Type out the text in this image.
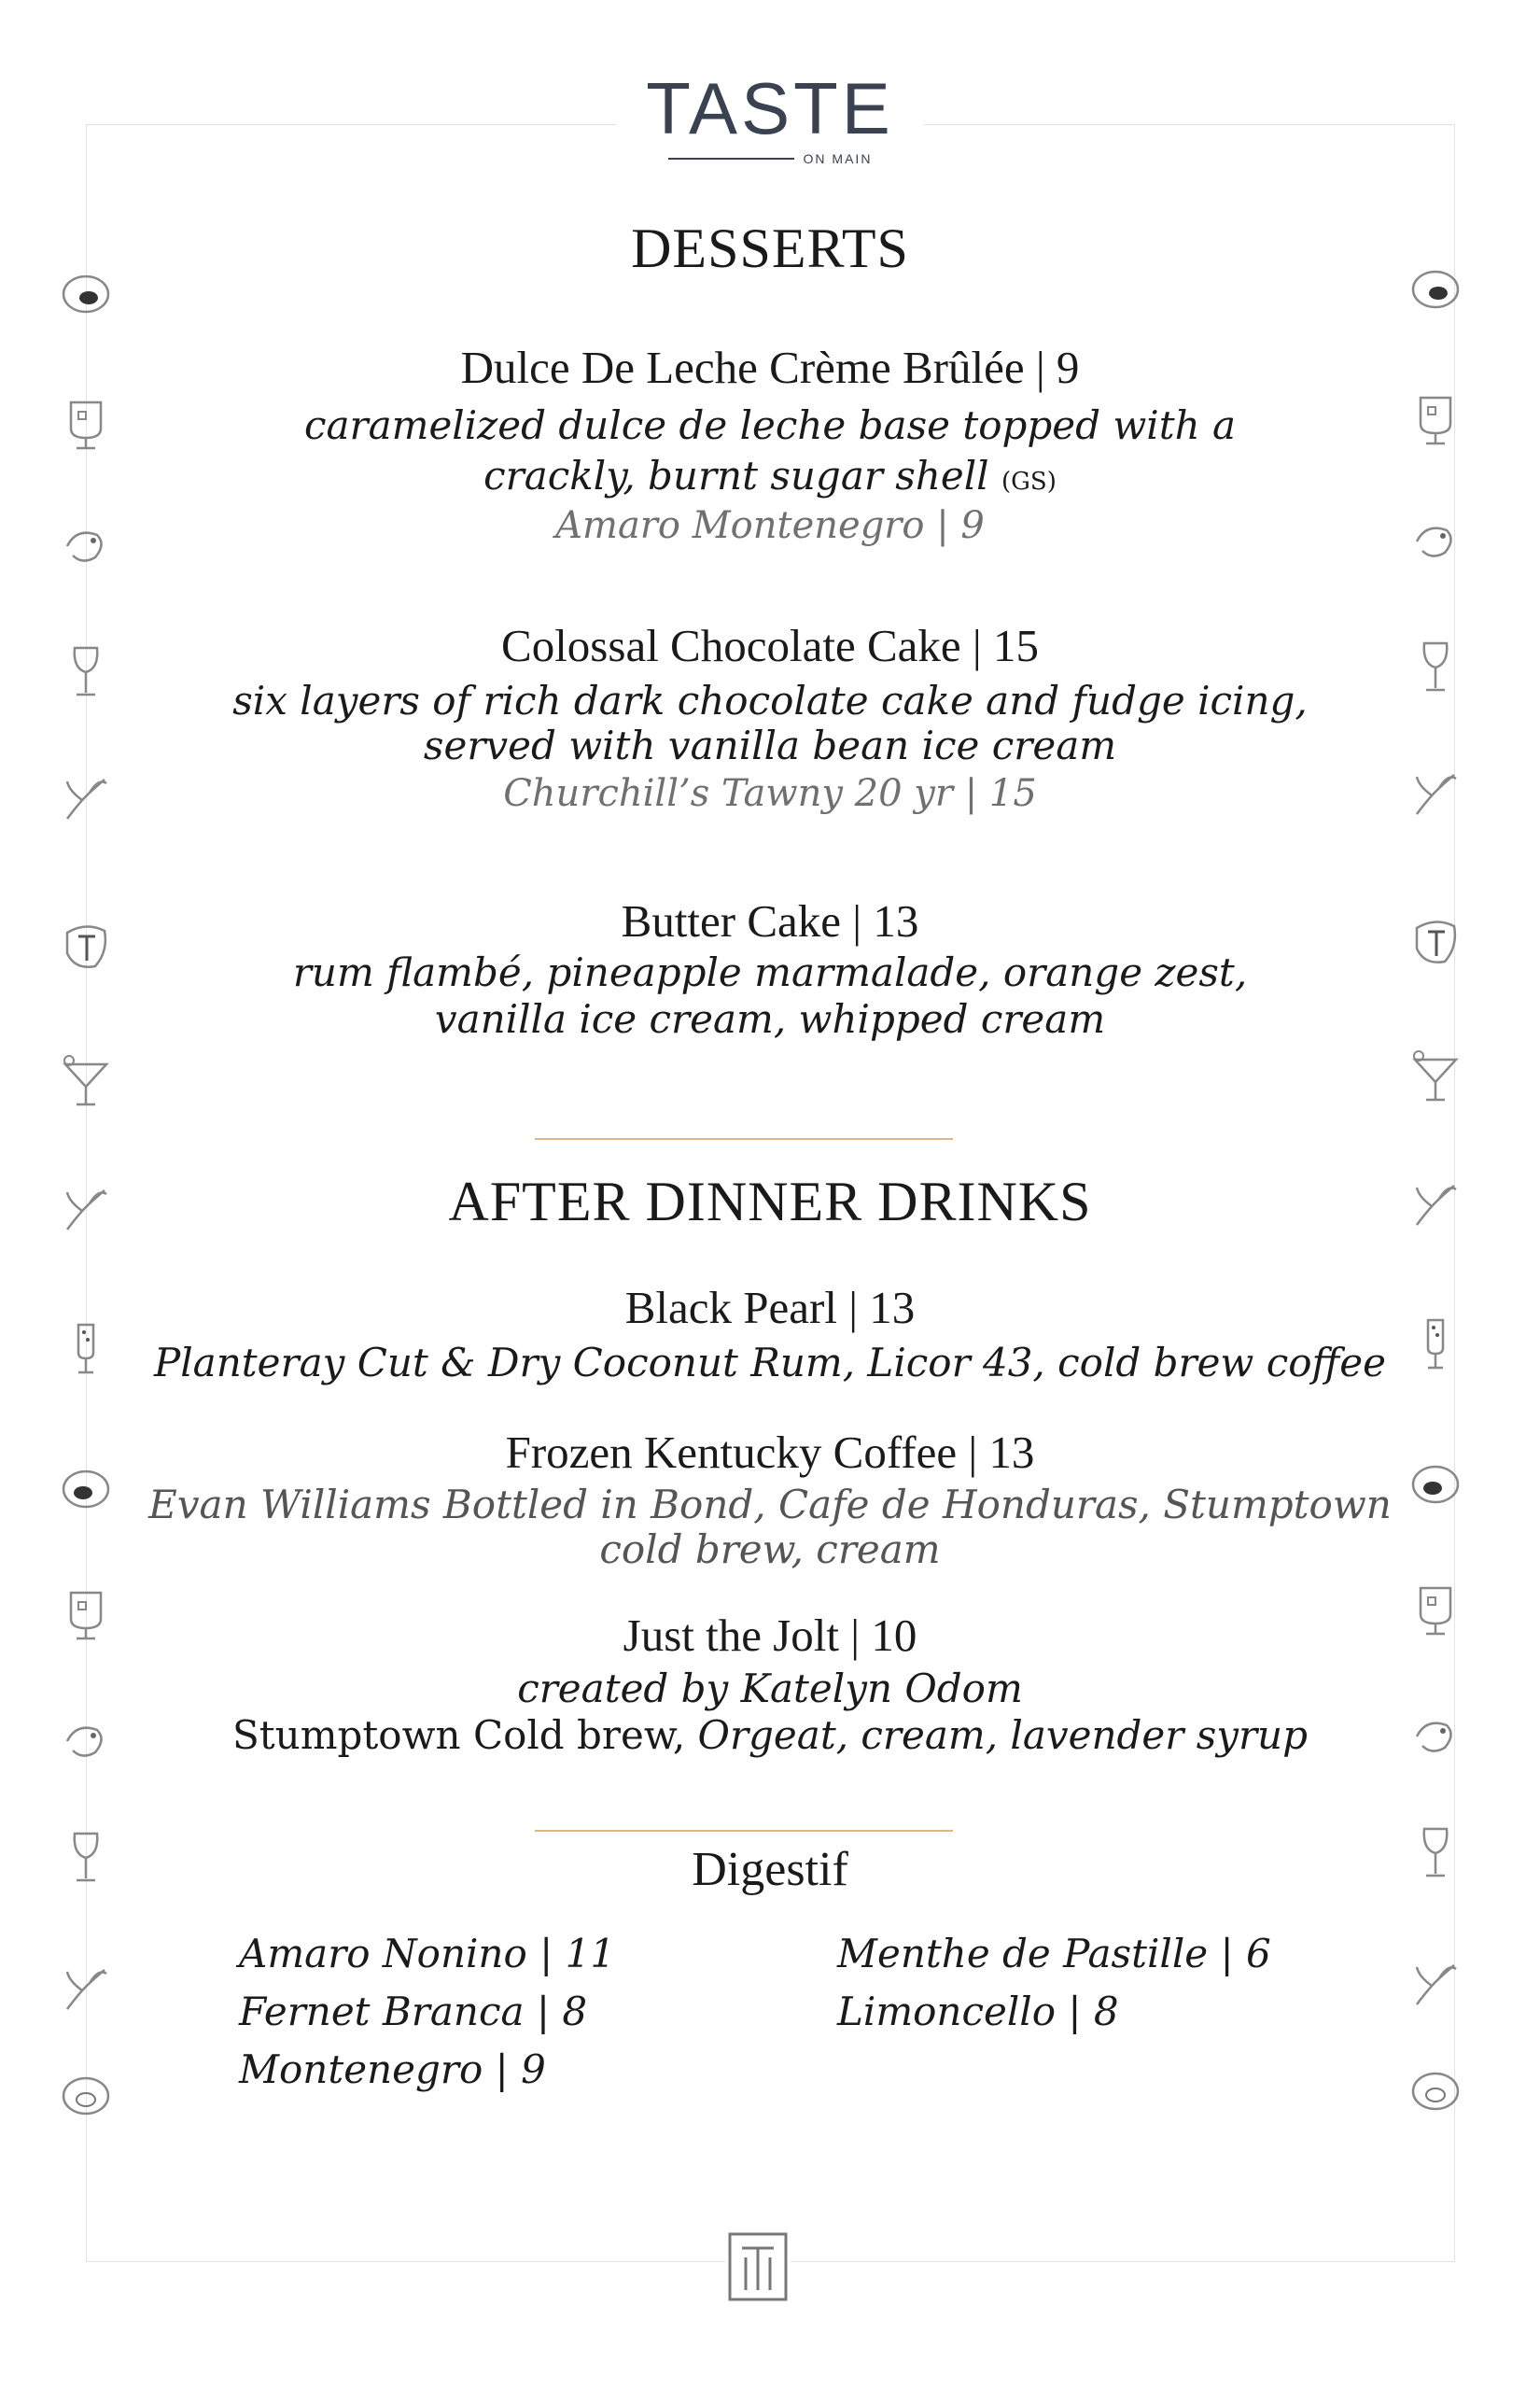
TASTE
ON MAIN
DESSERTS
Dulce De Leche Crème Brûlée | 9
caramelized dulce de leche base topped with a
crackly, burnt sugar shell (GS)
Amaro Montenegro | 9
Colossal Chocolate Cake | 15
six layers of rich dark chocolate cake and fudge icing,
served with vanilla bean ice cream
Churchill’s Tawny 20 yr | 15
Butter Cake | 13
rum flambé, pineapple marmalade, orange zest,
vanilla ice cream, whipped cream
AFTER DINNER DRINKS
Black Pearl | 13
Planteray Cut & Dry Coconut Rum, Licor 43, cold brew coffee
Frozen Kentucky Coffee | 13
Evan Williams Bottled in Bond, Cafe de Honduras, Stumptown
cold brew, cream
Just the Jolt | 10
created by Katelyn Odom
Stumptown Cold brew, Orgeat, cream, lavender syrup
Digestif
Amaro Nonino | 11
Fernet Branca | 8
Montenegro | 9
Menthe de Pastille | 6
Limoncello | 8
